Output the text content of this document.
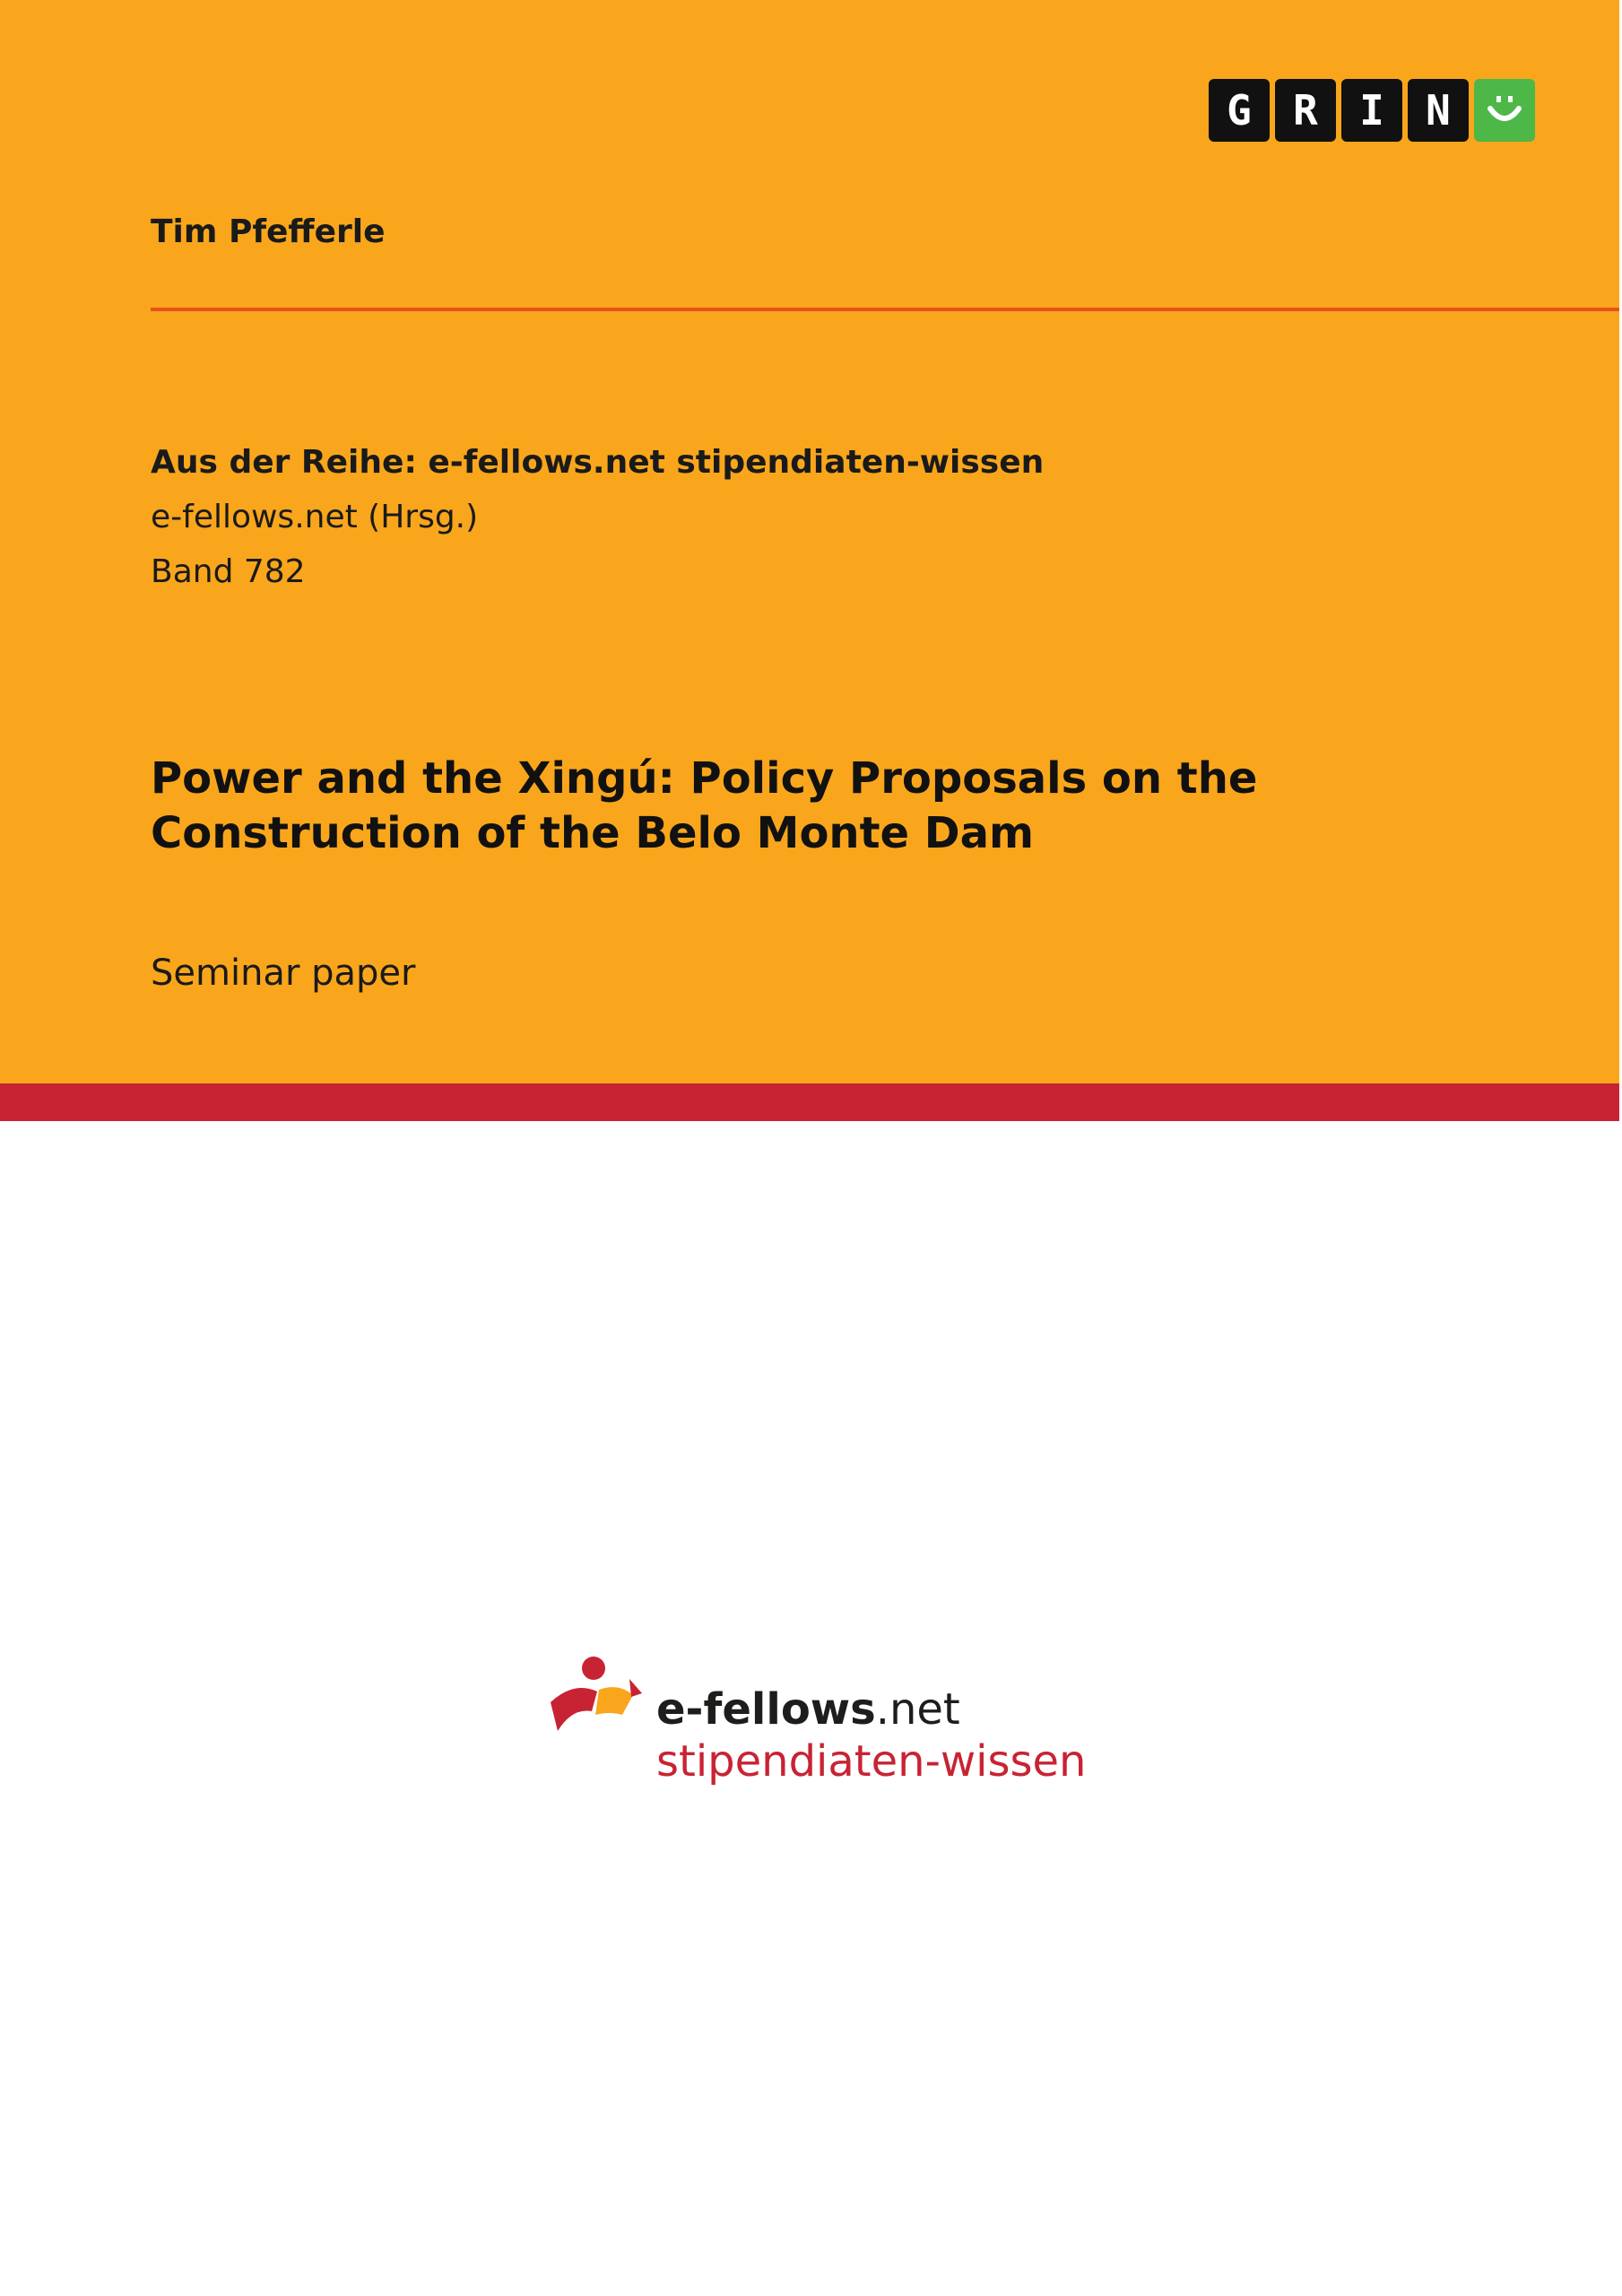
G	R	I	N
Tim Pfefferle
Aus der Reihe: e-fellows.net stipendiaten-wissen
e-fellows.net (Hrsg.)
Band 782
Power and the Xingú: Policy Proposals on the
Construction of the Belo Monte Dam
Seminar paper
e-fellows.net
stipendiaten-wissen
